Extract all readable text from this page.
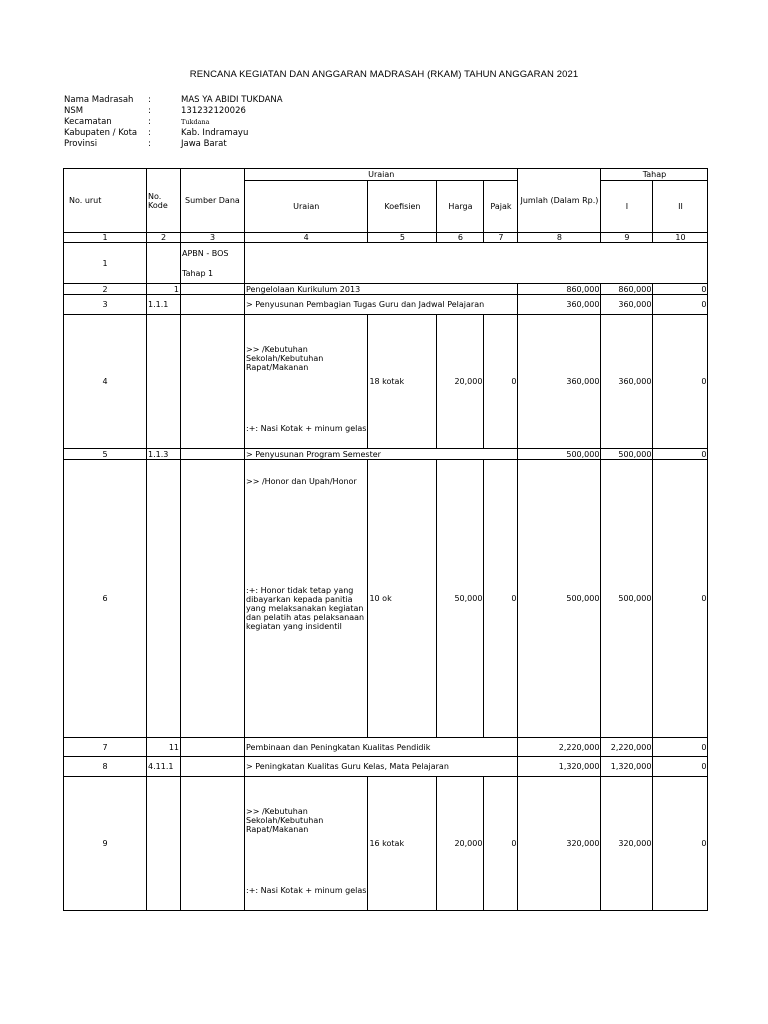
RENCANA KEGIATAN DAN ANGGARAN MADRASAH (RKAM) TAHUN ANGGARAN 2021
Nama Madrasah :	MAS YA ABIDI TUKDANA
NSM	:	131232120026
Kecamatan	:	Tukdana
Kabupaten / Kota :	Kab. Indramayu
Provinsi	:	Jawa Barat
No. urut	No. Kode	Sumber Dana	Uraian				Jumlah (Dalam Rp.)	Tahap	
			Uraian	Koefisien	Harga	Pajak		I	II
1	2	3	4	5	6	7	8	9	10
1		APBN - BOS
Tahap 1							

2	1		Pengelolaan Kurikulum 2013				860,000	860,000	0
3	1.1.1		> Penyusunan Pembagian Tugas Guru dan Jadwal Pelajaran				360,000	360,000	0
4			>> /Kebutuhan Sekolah/Kebutuhan Rapat/Makanan
:+: Nasi Kotak + minum gelas	18 kotak	20,000	0	360,000	360,000	0
5	1.1.3		> Penyusunan Program Semester				500,000	500,000	0
6			>> /Honor dan Upah/Honor
:+: Honor tidak tetap yang dibayarkan kepada panitia yang melaksanakan kegiatan dan pelatih atas pelaksanaan kegiatan yang insidentil	10 ok	50,000	0	500,000	500,000	0
7	11		Pembinaan dan Peningkatan Kualitas Pendidik				2,220,000	2,220,000	0
8	4.11.1		> Peningkatan Kualitas Guru Kelas, Mata Pelajaran				1,320,000	1,320,000	0
9			>> /Kebutuhan Sekolah/Kebutuhan Rapat/Makanan
:+: Nasi Kotak + minum gelas	16 kotak	20,000	0	320,000	320,000	0
